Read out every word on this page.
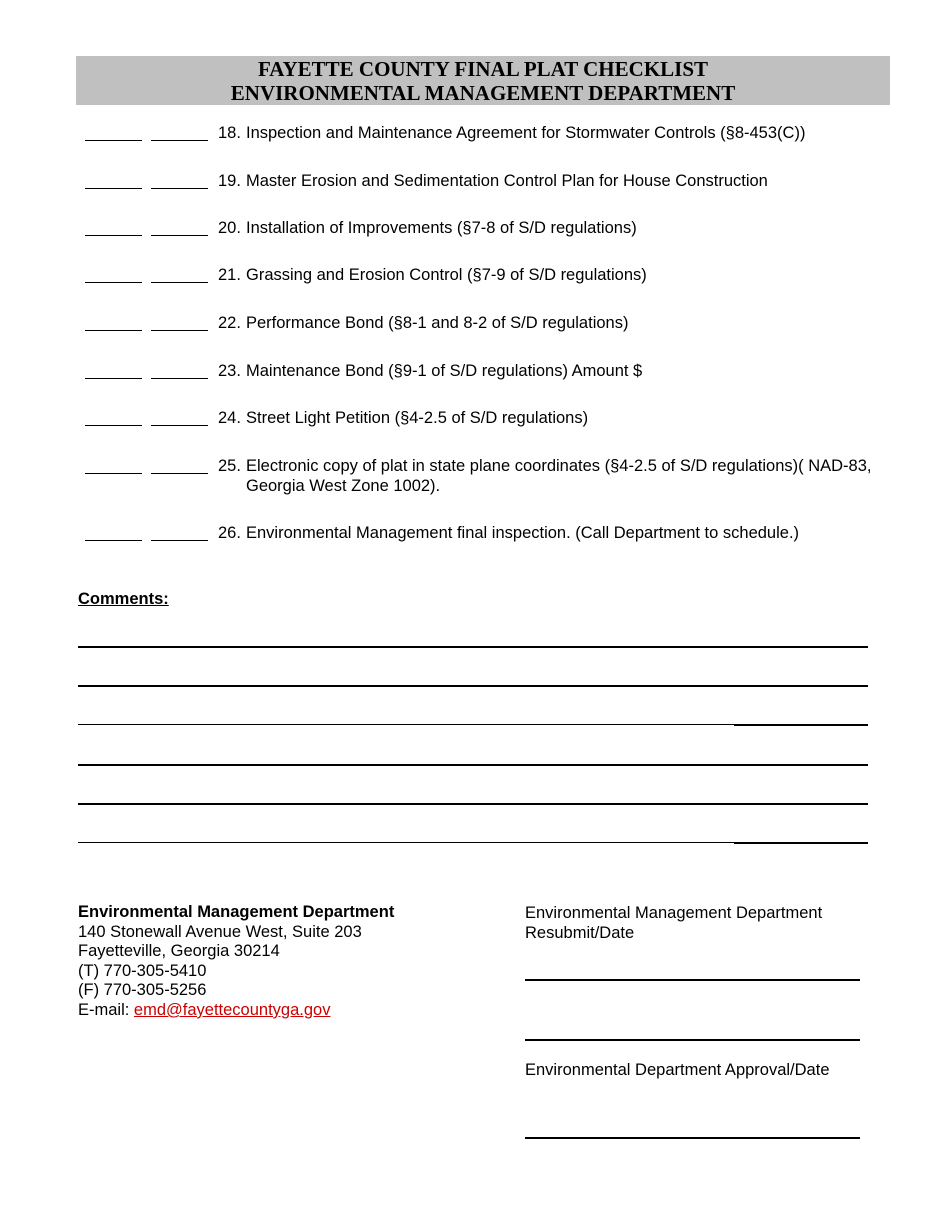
FAYETTE COUNTY FINAL PLAT CHECKLIST
ENVIRONMENTAL MANAGEMENT DEPARTMENT
18. Inspection and Maintenance Agreement for Stormwater Controls (§8-453(C))
19. Master Erosion and Sedimentation Control Plan for House Construction
20. Installation of Improvements (§7-8 of S/D regulations)
21. Grassing and Erosion Control (§7-9 of S/D regulations)
22. Performance Bond (§8-1 and 8-2 of S/D regulations)
23. Maintenance Bond (§9-1 of S/D regulations) Amount $
24. Street Light Petition (§4-2.5 of S/D regulations)
25. Electronic copy of plat in state plane coordinates (§4-2.5 of S/D regulations)( NAD-83, Georgia West Zone 1002).
26. Environmental Management final inspection. (Call Department to schedule.)
Comments:
Environmental Management Department
140 Stonewall Avenue West, Suite 203
Fayetteville, Georgia 30214
(T) 770-305-5410
(F) 770-305-5256
E-mail: emd@fayettecountyga.gov
Environmental Management Department
Resubmit/Date
Environmental Department Approval/Date
